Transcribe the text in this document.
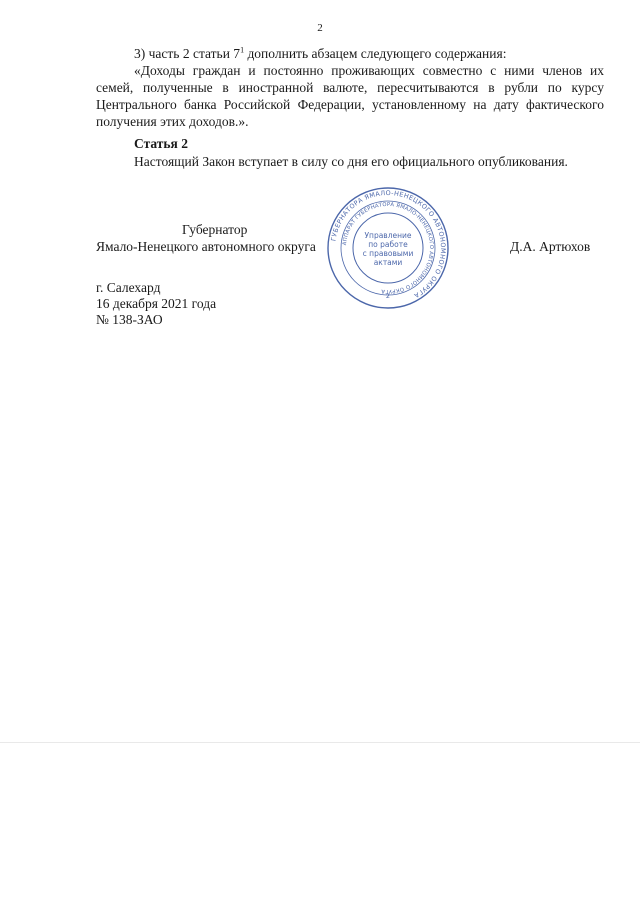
2

3) часть 2 статьи $7^1$ дополнить абзацем следующего содержания:

«Доходы граждан и постоянно проживающих совместно с ними членов их семей, полученные в иностранной валюте, пересчитываются в рубли по курсу Центрального банка Российской Федерации, установленному на дату фактического получения этих доходов.».

Статья 2

Настоящий Закон вступает в силу со дня его официального опубликования.

Губернатор
Ямало-Ненецкого автономного округа	Д.А. Артюхов
г. Салехард
16 декабря 2021 года
№ 138-ЗАО
ГУБЕРНАТОРА ЯМАЛО-НЕНЕЦКОГО АВТОНОМНОГО ОКРУГА
АППАРАТ ГУБЕРНАТОРА ЯМАЛО-НЕНЕЦКОГО АВТОНОМНОГО ОКРУГА
Управление
по работе
с правовыми
актами
2
